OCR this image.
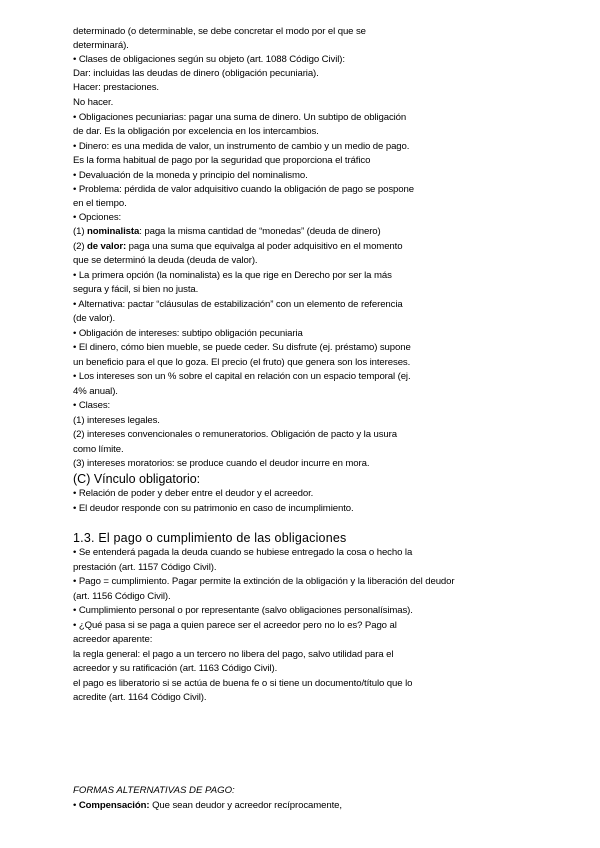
determinado (o determinable, se debe concretar el modo por el que se
determinará).
• Clases de obligaciones según su objeto (art. 1088 Código Civil):
Dar: incluidas las deudas de dinero (obligación pecuniaria).
Hacer: prestaciones.
No hacer.
• Obligaciones pecuniarias: pagar una suma de dinero. Un subtipo de obligación
de dar. Es la obligación por excelencia en los intercambios.
• Dinero: es una medida de valor, un instrumento de cambio y un medio de pago.
Es la forma habitual de pago por la seguridad que proporciona el tráfico
• Devaluación de la moneda y principio del nominalismo.
• Problema: pérdida de valor adquisitivo cuando la obligación de pago se pospone
en el tiempo.
• Opciones:
(1) nominalista: paga la misma cantidad de “monedas” (deuda de dinero)
(2) de valor: paga una suma que equivalga al poder adquisitivo en el momento
que se determinó la deuda (deuda de valor).
• La primera opción (la nominalista) es la que rige en Derecho por ser la más
segura y fácil, si bien no justa.
• Alternativa: pactar “cláusulas de estabilización” con un elemento de referencia
(de valor).
• Obligación de intereses: subtipo obligación pecuniaria
• El dinero, cómo bien mueble, se puede ceder. Su disfrute (ej. préstamo) supone
un beneficio para el que lo goza. El precio (el fruto) que genera son los intereses.
• Los intereses son un % sobre el capital en relación con un espacio temporal (ej.
4% anual).
• Clases:
(1) intereses legales.
(2) intereses convencionales o remuneratorios. Obligación de pacto y la usura
como límite.
(3) intereses moratorios: se produce cuando el deudor incurre en mora.
(C) Vínculo obligatorio:
• Relación de poder y deber entre el deudor y el acreedor.
• El deudor responde con su patrimonio en caso de incumplimiento.
1.3. El pago o cumplimiento de las obligaciones
• Se entenderá pagada la deuda cuando se hubiese entregado la cosa o hecho la
prestación (art. 1157 Código Civil).
• Pago = cumplimiento. Pagar permite la extinción de la obligación y la liberación del deudor
(art. 1156 Código Civil).
• Cumplimiento personal o por representante (salvo obligaciones personalísimas).
• ¿Qué pasa si se paga a quien parece ser el acreedor pero no lo es? Pago al
acreedor aparente:
la regla general: el pago a un tercero no libera del pago, salvo utilidad para el
acreedor y su ratificación (art. 1163 Código Civil).
el pago es liberatorio si se actúa de buena fe o si tiene un documento/título que lo
acredite (art. 1164 Código Civil).
FORMAS ALTERNATIVAS DE PAGO:
• Compensación: Que sean deudor y acreedor recíprocamente,
